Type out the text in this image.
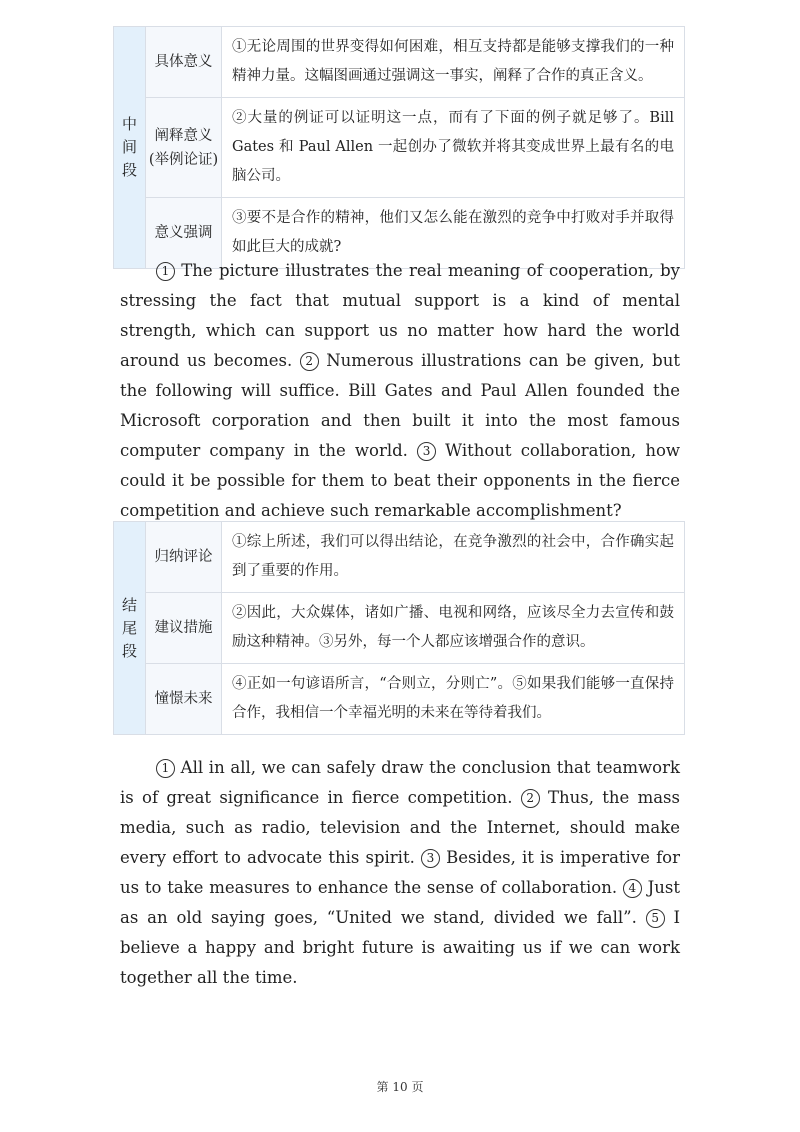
中
间
段	具体意义	①无论周围的世界变得如何困难，相互支持都是能够支撑我们的一种精神力量。这幅图画通过强调这一事实，阐释了合作的真正含义。
	阐释意义(举例论证)	②大量的例证可以证明这一点，而有了下面的例子就足够了。Bill Gates 和 Paul Allen 一起创办了微软并将其变成世界上最有名的电脑公司。
	意义强调	③要不是合作的精神，他们又怎么能在激烈的竞争中打败对手并取得如此巨大的成就?

1 The picture illustrates the real meaning of cooperation, by stressing the fact that mutual support is a kind of mental strength, which can support us no matter how hard the world around us becomes. 2 Numerous illustrations can be given, but the following will suffice. Bill Gates and Paul Allen founded the Microsoft corporation and then built it into the most famous computer company in the world. 3 Without collaboration, how could it be possible for them to beat their opponents in the fierce competition and achieve such remarkable accomplishment?

结
尾
段	归纳评论	①综上所述，我们可以得出结论，在竞争激烈的社会中，合作确实起到了重要的作用。
	建议措施	②因此，大众媒体，诸如广播、电视和网络，应该尽全力去宣传和鼓励这种精神。③另外，每一个人都应该增强合作的意识。
	憧憬未来	④正如一句谚语所言，“合则立，分则亡”。⑤如果我们能够一直保持合作，我相信一个幸福光明的未来在等待着我们。

1 All in all, we can safely draw the conclusion that teamwork is of great significance in fierce competition. 2 Thus, the mass media, such as radio, television and the Internet, should make every effort to advocate this spirit. 3 Besides, it is imperative for us to take measures to enhance the sense of collaboration. 4 Just as an old saying goes, “United we stand, divided we fall”. 5 I believe a happy and bright future is awaiting us if we can work together all the time.

第 10 页
